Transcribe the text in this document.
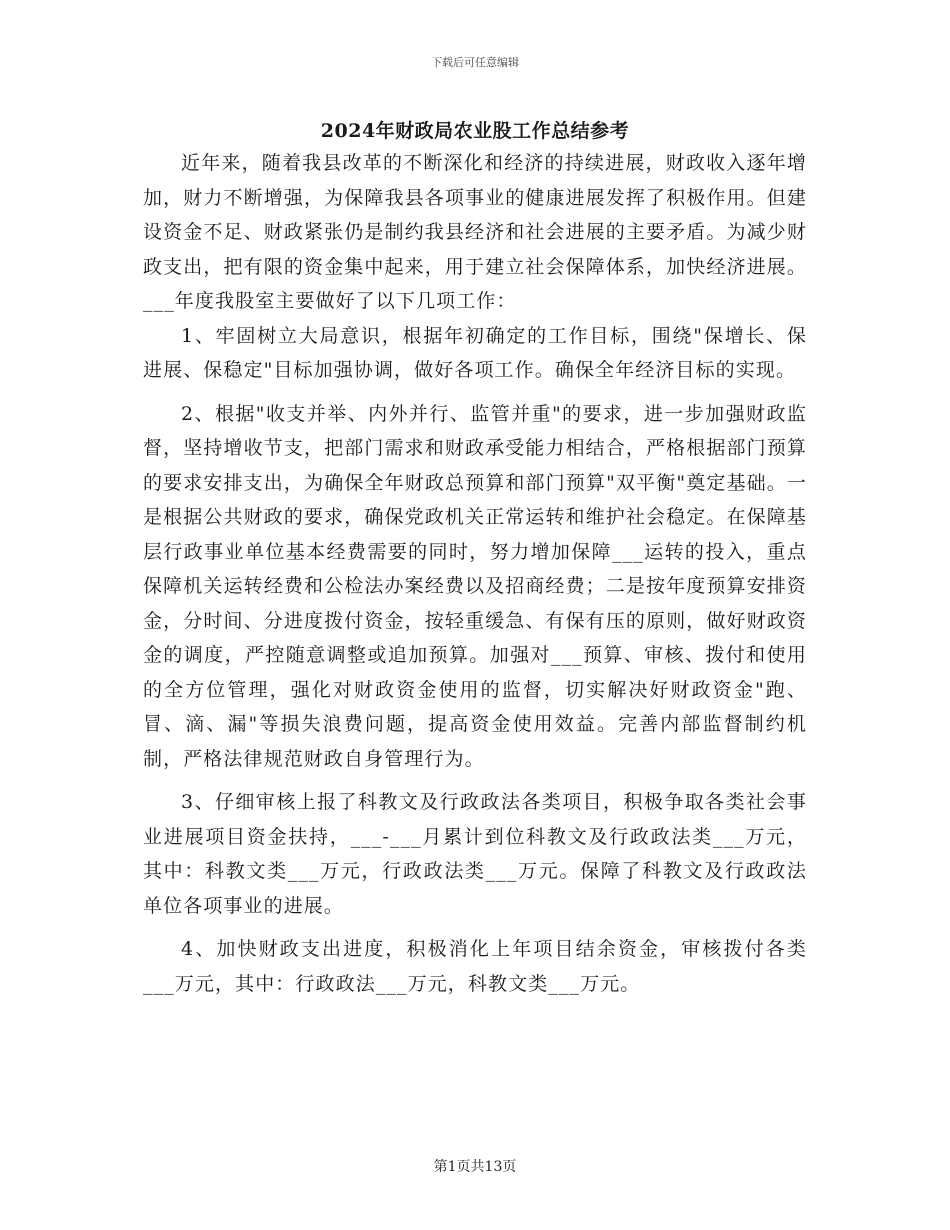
下载后可任意编辑
2024年财政局农业股工作总结参考

近年来，随着我县改革的不断深化和经济的持续进展，财政收入逐年增加，财力不断增强，为保障我县各项事业的健康进展发挥了积极作用。但建设资金不足、财政紧张仍是制约我县经济和社会进展的主要矛盾。为减少财政支出，把有限的资金集中起来，用于建立社会保障体系，加快经济进展。___年度我股室主要做好了以下几项工作：

1、牢固树立大局意识，根据年初确定的工作目标，围绕"保增长、保进展、保稳定"目标加强协调，做好各项工作。确保全年经济目标的实现。

2、根据"收支并举、内外并行、监管并重"的要求，进一步加强财政监督，坚持增收节支，把部门需求和财政承受能力相结合，严格根据部门预算的要求安排支出，为确保全年财政总预算和部门预算"双平衡"奠定基础。一是根据公共财政的要求，确保党政机关正常运转和维护社会稳定。在保障基层行政事业单位基本经费需要的同时，努力增加保障___运转的投入，重点保障机关运转经费和公检法办案经费以及招商经费；二是按年度预算安排资金，分时间、分进度拨付资金，按轻重缓急、有保有压的原则，做好财政资金的调度，严控随意调整或追加预算。加强对___预算、审核、拨付和使用的全方位管理，强化对财政资金使用的监督，切实解决好财政资金"跑、冒、滴、漏"等损失浪费问题，提高资金使用效益。完善内部监督制约机制，严格法律规范财政自身管理行为。

3、仔细审核上报了科教文及行政政法各类项目，积极争取各类社会事业进展项目资金扶持，___-___月累计到位科教文及行政政法类___万元，其中：科教文类___万元，行政政法类___万元。保障了科教文及行政政法单位各项事业的进展。

4、加快财政支出进度，积极消化上年项目结余资金，审核拨付各类___万元，其中：行政政法___万元，科教文类___万元。

第1页共13页
